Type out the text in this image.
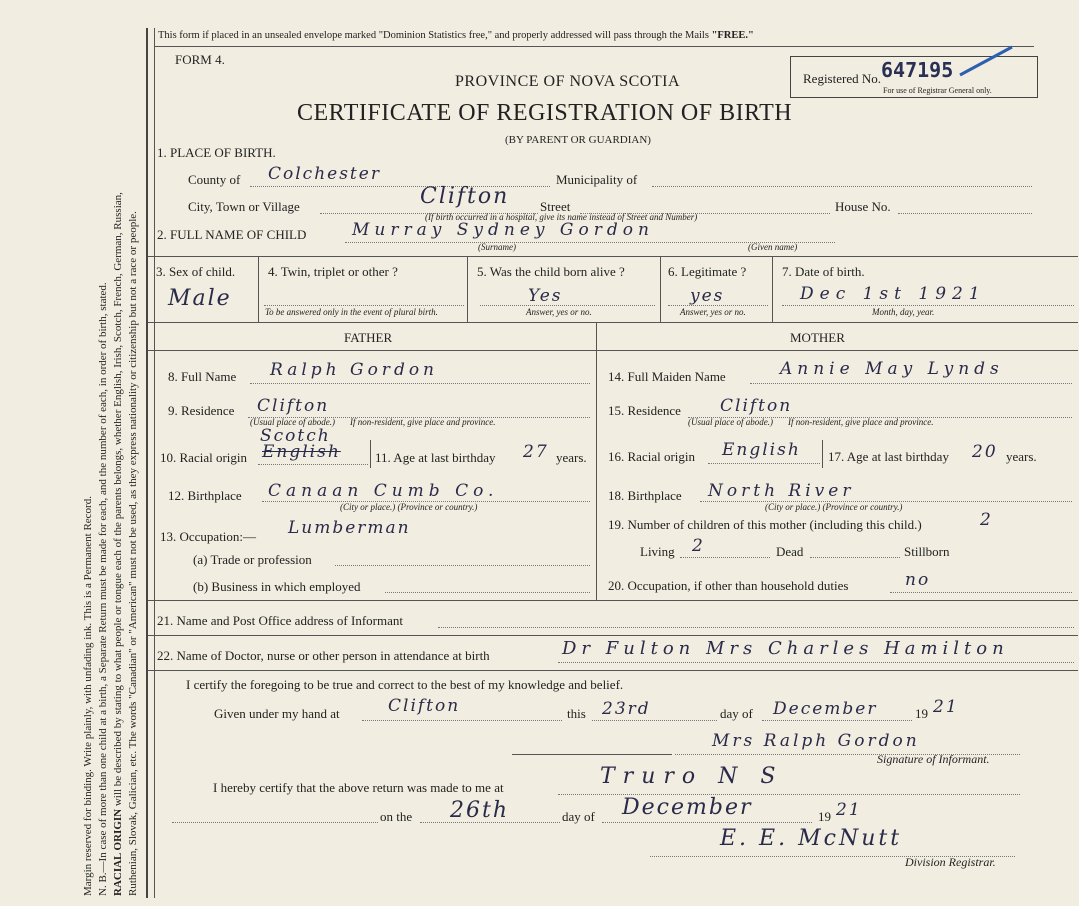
Margin reserved for binding. Write plainly, with unfading ink. This is a Permanent Record. N. B.—In case of more than one child at a birth, a Separate Return must be made for each, and the number of each, in order of birth, stated. RACIAL ORIGIN will be described by stating to what people or tongue each of the parents belongs, whether English, Irish, Scotch, French, German, Russian, Ruthenian, Slovak, Galician, etc. The words "Canadian" or "American" must not be used, as they express nationality or citizenship but not a race or people.
This form if placed in an unsealed envelope marked "Dominion Statistics free," and properly addressed will pass through the Mails "FREE."
FORM 4.
PROVINCE OF NOVA SCOTIA
CERTIFICATE OF REGISTRATION OF BIRTH
(BY PARENT OR GUARDIAN)
Registered No. 647195
For use of Registrar General only.
1. PLACE OF BIRTH.
County of Colchester	Municipality of
City, Town or Village	Clifton Street	House No.
(If birth occurred in a hospital, give its name instead of Street and Number)
2. FULL NAME OF CHILD	Murray Sydney Gordon
(Surname)	(Given name)
3. Sex of child.
Male
4. Twin, triplet or other ?
To be answered only in the event of plural birth.
5. Was the child born alive ?
Yes
Answer, yes or no.
6. Legitimate ?
yes
Answer, yes or no.
7. Date of birth.
Dec 1st 1921
Month, day, year.
FATHER	MOTHER
8. Full Name Ralph Gordon
9. Residence Clifton
(Usual place of abode.) If non-resident, give place and province.
10. Racial origin English
Scotch
11. Age at last birthday 27 years.
12. Birthplace Canaan Cumb Co.
(City or place.) (Province or country.)
13. Occupation:— Lumberman
(a) Trade or profession
(b) Business in which employed
14. Full Maiden Name	Annie May Lynds
15. Residence Clifton
(Usual place of abode.) If non-resident, give place and province.
16. Racial origin English 17. Age at last birthday 20 years.
18. Birthplace North River
(City or place.) (Province or country.)
19. Number of children of this mother (including this child.)	2
Living 2	Dead	Stillborn
20. Occupation, if other than household duties	no
21. Name and Post Office address of Informant
22. Name of Doctor, nurse or other person in attendance at birth	Dr Fulton Mrs Charles Hamilton
I certify the foregoing to be true and correct to the best of my knowledge and belief.
Given under my hand at	Clifton	this 23rd	day of December	19 21
Mrs Ralph Gordon
Signature of Informant.
I hereby certify that the above return was made to me at	Truro N S
on the 26th	day of December	19 21
E. E. McNutt
Division Registrar.
